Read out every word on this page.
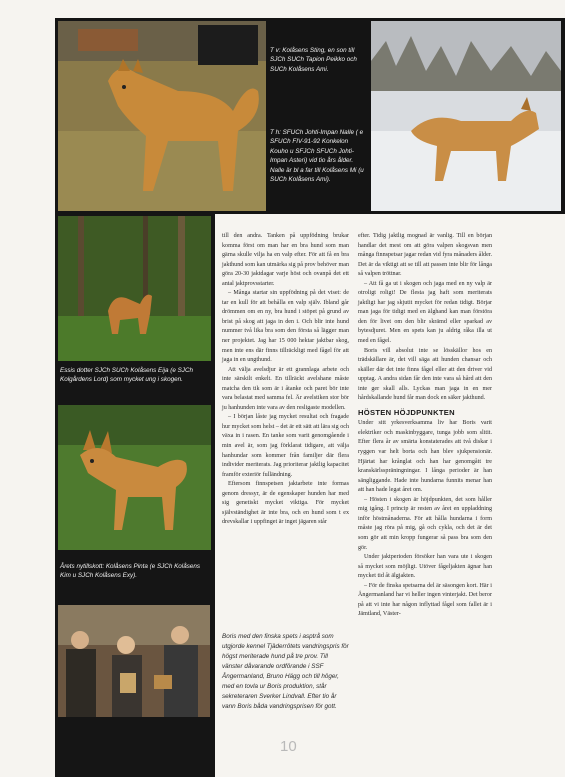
T v: Kolåsens Sting, en son till SJCh SUCh Tapion Peikko och SUCh Kolåsens Ami.
T h: SFUCh Johti-Impan Nalle ( e SFUCh FIV-91-92 Konkelon Kouho u SFJCh SFUCh Johti-Impan Asteri) vid tio års ålder. Nalle är bl a far till Kolåsens Mi (u SUCh Kolåsens Ami).
Essis dotter SJCh SUCh Kolåsens Eija (e SJCh Kolgårdens Lord) som mycket ung i skogen.
Årets nytillskott: Kolåsens Pinta (e SJCh Kolåsens Kim u SJCh Kolåsens Exy).
Boris med den finska spets i asptrå som utgjorde kennel Tjäderrötets vandringspris för högst meriterade hund på tre prov. Till vänster dåvarande ordförande i SSF Ångermanland, Bruno Hägg och till höger, med en tovla ur Boris produktion, står sekreteraren Sverker Lindvall. Efter tio år vann Boris båda vandringsprisen för gott.

till den andra. Tanken på uppfödning brukar komma först om man har en bra hund som man gärna skulle vilja ha en valp efter. För att få en bra jakthund som kan utmärka sig på prov behöver man göra 20-30 jaktdagar varje höst och ovanpå det ett antal jaktprovsstarter.

– Många startar sin uppfödning på det viset: de tar en kull för att behålla en valp själv. Ibland går drömmen om en ny, bra hund i stöpet på grund av brist på skog att jaga in den i. Och blir inte hund nummer två lika bra som den första så lägger man ner projektet. Jag har 15 000 hektar jaktbar skog, men inte ens där finns tillräckligt med fågel för att jaga in en ungthund.

Att välja avelsdjur är ett grannlaga arbete och inte särskilt enkelt. En tillräckt avelshane måste matcha den tik som är i åtanke och paret bör inte vara belastat med samma fel. Är avelstiken stor bör ju hanhunden inte vara av den resligaste modellen.

– I början låste jag mycket resultat och fragade hur mycket som helst – det är ett sätt att lära sig och växa in i rasen. En tanke som varit genomgående i min avel är, som jag förklarat tidigare, att välja hanhundar som kommer från familjer där flera individer meriterats. Jag prioriterar jaktlig kapacitet framför exteriör fulländning.

Eftersom finnspetsen jaktarbete inte formas genom dressyr, är de egenskaper hunden har med sig genetiskt mycket viktiga. För mycket självständighet är inte bra, och en hund som t ex drevskallar i uppfinget är inget jägaren står

efter. Tidig jaktlig mognad är vanlig. Till en början handlar det mest om att göra valpen skogsvan men många finnspetsar jagar redan vid fyra månaders ålder. Det är da viktigt att se till att passen inte blir för långa så valpen tröttnar.

– Att få ga ut i skogen och jaga med en ny valp är otroligt roligt! De flesta jag haft som meriterats jaktligt har jag skjutit mycket för redan tidigt. Börjar man jaga för tidigt med en älghand kan man förstöra den för livet om den blir skrämd eller sparkad av bytesdjuret. Men en spets kan ju aldrig råka illa ut med en fågel.

Boris vill absolut inte se lösskällor hos en trädskällare är, det vill säga att hunden chansar och skäller där det inte finns fågel eller att den driver vid upptag. A andra sidan får den inte vara så hård att den inte ger skall alls. Lyckas man jaga in en mer hårdskallande hund får man dock en säker jakthund.

HÖSTEN HÖJDPUNKTEN

Under sitt yrkesverksamma liv har Boris varit elektriker och maskinbyggare, tunga jobb som slitit. Efter flera år av smärta konstaterades att två diskar i ryggen var helt borta och han blev sjukpensionär. Hjärtat har krånglat och han har genomgått tre kranskärlsspräningningar. I långa perioder är han sängliggande. Hade inte hundarna funnits menar han att han hade legat året om.

– Hösten i skogen är höjdpunkten, det som håller mig igång. I princip är resten av året en uppladdning inför höstmånaderna. För att hålla hundarna i form måste jag röra på mig, gå och cykla, och det är det som gör att min kropp fungerar så pass bra som den gör.

Under jaktperioden försöker han vara ute i skogen så mycket som möjligt. Utöver fågeljakten ägnar han mycket tid åt älgjakten.

– För de finska spetsarna del är säsongen kort. Här i Ångermanland har vi heller ingen vinterjakt. Det beror på att vi inte har någon inflyttad fågel som fallet är i Jämtland, Väster-

10
